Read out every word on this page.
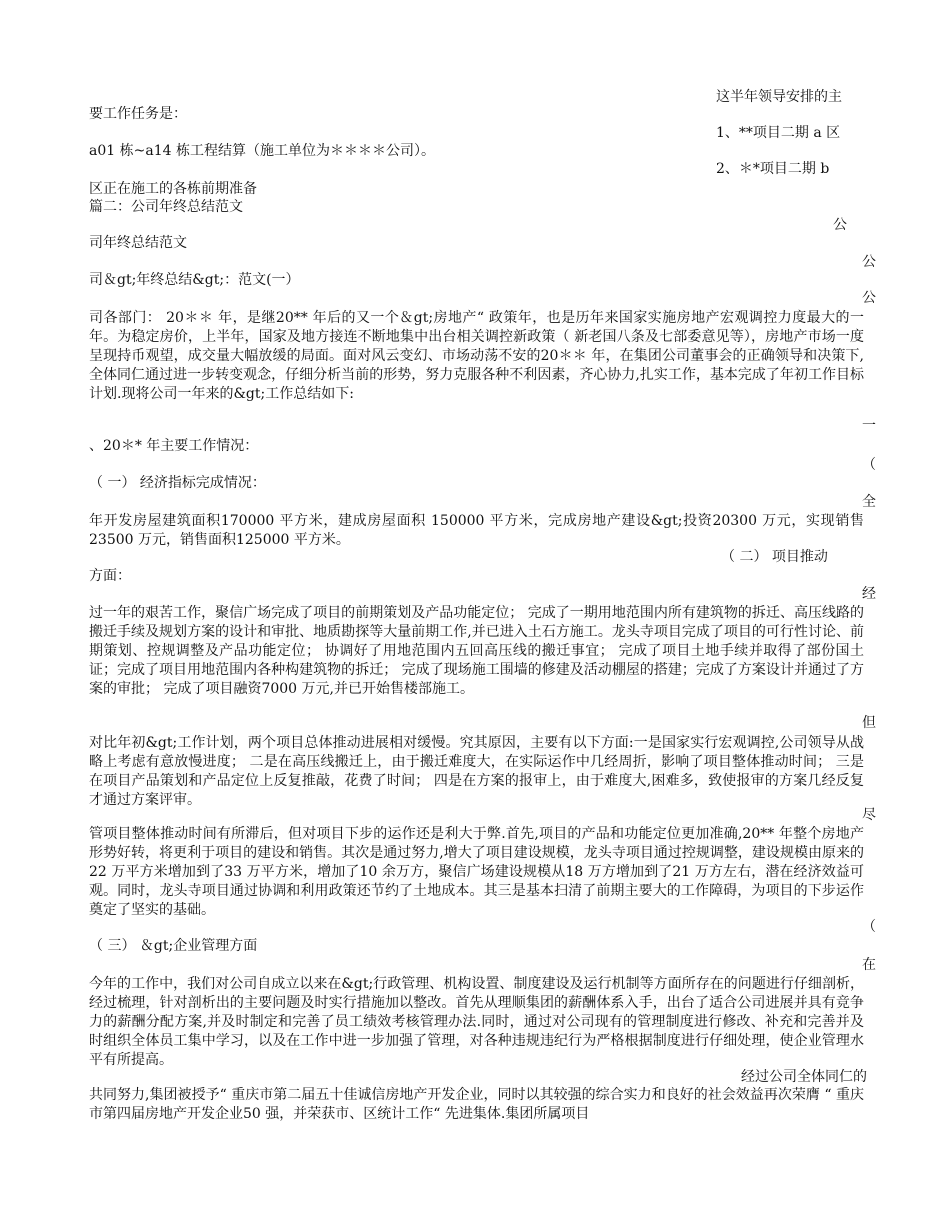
这半年领导安排的主
要工作任务是：
1、**项目二期 a 区
a01 栋~a14 栋工程结算（施工单位为＊＊＊＊公司）。
2、＊*项目二期 b
区正在施工的各栋前期准备
篇二：公司年终总结范文
公
司年终总结范文
公
司＆gt;年终总结&gt;：范文(一）
公
司各部门： 20＊＊ 年，是继20** 年后的又一个＆gt;房地产“ 政策年，也是历年来国家实施房地产宏观调控力度最大的一年。为稳定房价，上半年，国家及地方接连不断地集中出台相关调控新政策（ 新老国八条及七部委意见等），房地产市场一度呈现持币观望，成交量大幅放缓的局面。面对风云变幻、市场动荡不安的20＊＊ 年，在集团公司董事会的正确领导和决策下,全体同仁通过进一步转变观念，仔细分析当前的形势，努力克服各种不利因素，齐心协力,扎实工作，基本完成了年初工作目标计划.现将公司一年来的&gt;工作总结如下:
一
、20＊* 年主要工作情况：
（
（ 一） 经济指标完成情况：
全
年开发房屋建筑面积170000 平方米，建成房屋面积 150000 平方米，完成房地产建设&gt;投资20300 万元，实现销售23500 万元，销售面积125000 平方米。
（ 二） 项目推动
方面：
经
过一年的艰苦工作，聚信广场完成了项目的前期策划及产品功能定位； 完成了一期用地范围内所有建筑物的拆迁、高压线路的搬迁手续及规划方案的设计和审批、地质勘探等大量前期工作,并已进入土石方施工。龙头寺项目完成了项目的可行性讨论、前期策划、控规调整及产品功能定位； 协调好了用地范围内五回高压线的搬迁事宜； 完成了项目土地手续并取得了部份国土证；完成了项目用地范围内各种构建筑物的拆迁； 完成了现场施工围墙的修建及活动棚屋的搭建；完成了方案设计并通过了方案的审批； 完成了项目融资7000 万元,并已开始售楼部施工。
但
对比年初&gt;工作计划，两个项目总体推动进展相对缓慢。究其原因，主要有以下方面:一是国家实行宏观调控,公司领导从战略上考虑有意放慢进度； 二是在高压线搬迁上，由于搬迁难度大，在实际运作中几经周折，影响了项目整体推动时间； 三是在项目产品策划和产品定位上反复推敲，花费了时间； 四是在方案的报审上，由于难度大,困难多，致使报审的方案几经反复才通过方案评审。
尽
管项目整体推动时间有所滞后，但对项目下步的运作还是利大于弊.首先,项目的产品和功能定位更加准确,20** 年整个房地产形势好转，将更利于项目的建设和销售。其次是通过努力,增大了项目建设规模，龙头寺项目通过控规调整，建设规模由原来的22 万平方米增加到了33 万平方米，增加了10 余万方，聚信广场建设规模从18 万方增加到了21 万方左右，潜在经济效益可观。同时，龙头寺项目通过协调和利用政策还节约了土地成本。其三是基本扫清了前期主要大的工作障碍，为项目的下步运作奠定了坚实的基础。
（
（ 三） ＆gt;企业管理方面
在
今年的工作中，我们对公司自成立以来在&gt;行政管理、机构设置、制度建设及运行机制等方面所存在的问题进行仔细剖析，经过梳理，针对剖析出的主要问题及时实行措施加以整改。首先从理顺集团的薪酬体系入手，出台了适合公司进展并具有竞争力的薪酬分配方案,并及时制定和完善了员工绩效考核管理办法.同时，通过对公司现有的管理制度进行修改、补充和完善并及时组织全体员工集中学习，以及在工作中进一步加强了管理，对各种违规违纪行为严格根据制度进行仔细处理，使企业管理水平有所提高。
经过公司全体同仁的
共同努力,集团被授予“ 重庆市第二届五十佳诚信房地产开发企业，同时以其较强的综合实力和良好的社会效益再次荣膺 “ 重庆市第四届房地产开发企业50 强，并荣获市、区统计工作“ 先进集体.集团所属项目
